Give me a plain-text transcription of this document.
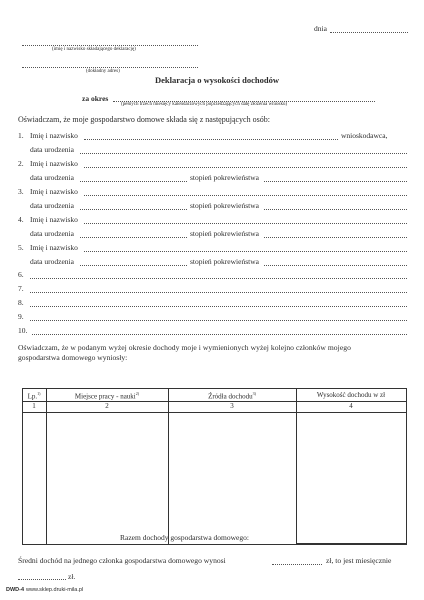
dnia
(imię i nazwisko składającego deklarację)
(dokładny adres)
Deklaracja o wysokości dochodów
za okres
(pełnych trzech miesięcy kalendarzowych poprzedzających datę złożenia wniosku)
Oświadczam, że moje gospodarstwo domowe składa się z następujących osób:
1. Imię i nazwisko	wnioskodawca,
data urodzenia
2. Imię i nazwisko
data urodzenia	stopień pokrewieństwa
3. Imię i nazwisko
data urodzenia	stopień pokrewieństwa
4. Imię i nazwisko
data urodzenia	stopień pokrewieństwa
5. Imię i nazwisko
data urodzenia	stopień pokrewieństwa
6.
7.
8.
9.
10.
Oświadczam, że w podanym wyżej okresie dochody moje i wymienionych wyżej kolejno członków mojego
gospodarstwa domowego wyniosły:
Lp.$^{1)}$	Miejsce pracy - nauki$^{2)}$	Źródła dochodu$^{3)}$	Wysokość dochodu w zł
1	2	3	4
Razem dochody gospodarstwa domowego:
Średni dochód na jednego członka gospodarstwa domowego wynosi	zł, to jest miesięcznie
zł.
DWD-4 www.sklep.druki-mila.pl
